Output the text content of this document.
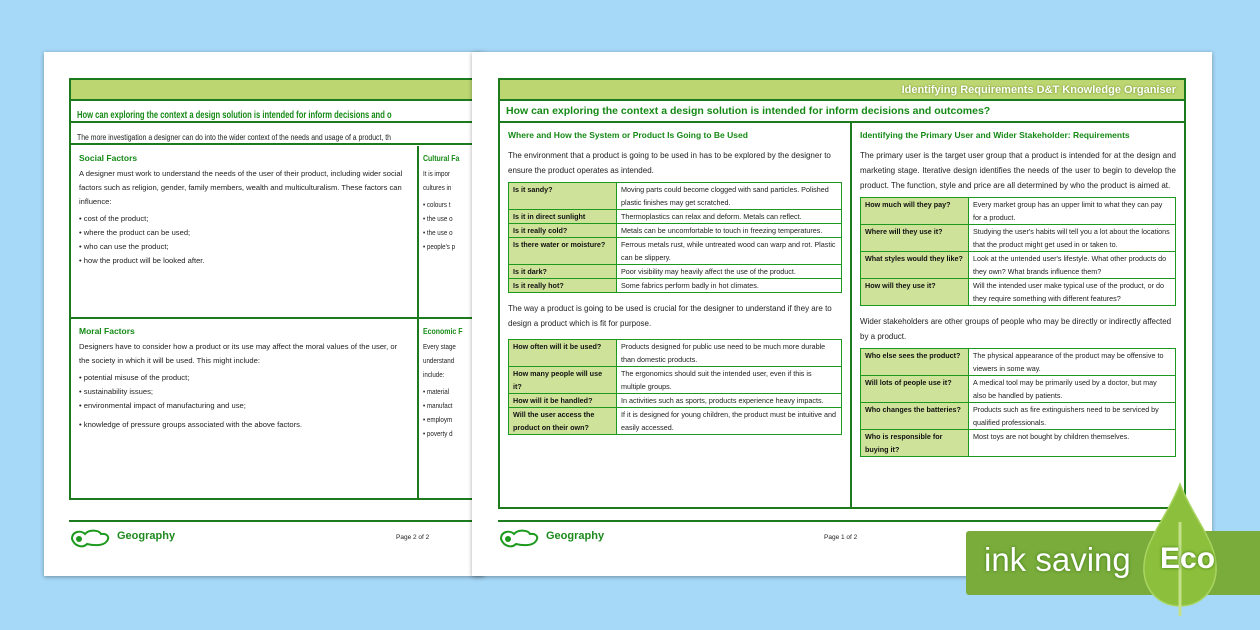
How can exploring the context a design solution is intended for inform decisions and o
The more investigation a designer can do into the wider context of the needs and usage of a product, th
Social Factors

A designer must work to understand the needs of the user of their product, including wider social factors such as religion, gender, family members, wealth and multiculturalism. These factors can influence:

• cost of the product;
• where the product can be used;
• who can use the product;
• how the product will be looked after.
Cultural Fa

It is impor

cultures in

• colours t
• the use o
• the use o
• people's p
Moral Factors

Designers have to consider how a product or its use may affect the moral values of the user, or the society in which it will be used. This might include:

• potential misuse of the product;
• sustainability issues;
• environmental impact of manufacturing and use;
• knowledge of pressure groups associated with the above factors.
Economic F

Every stage

understand

include:

• material
• manufact
• employm
• poverty d
Geography	Page 2 of 2
Identifying Requirements D&T Knowledge Organiser
How can exploring the context a design solution is intended for inform decisions and outcomes?
Where and How the System or Product Is Going to Be Used

The environment that a product is going to be used in has to be explored by the designer to ensure the product operates as intended.

Is it sandy?	Moving parts could become clogged with sand particles. Polished plastic finishes may get scratched.
Is it in direct sunlight	Thermoplastics can relax and deform. Metals can reflect.
Is it really cold?	Metals can be uncomfortable to touch in freezing temperatures.
Is there water or moisture?	Ferrous metals rust, while untreated wood can warp and rot. Plastic can be slippery.
Is it dark?	Poor visibility may heavily affect the use of the product.
Is it really hot?	Some fabrics perform badly in hot climates.

The way a product is going to be used is crucial for the designer to understand if they are to design a product which is fit for purpose.

How often will it be used?	Products designed for public use need to be much more durable than domestic products.
How many people will use it?	The ergonomics should suit the intended user, even if this is multiple groups.
How will it be handled?	In activities such as sports, products experience heavy impacts.
Will the user access the product on their own?	If it is designed for young children, the product must be intuitive and easily accessed.
Identifying the Primary User and Wider Stakeholder: Requirements

The primary user is the target user group that a product is intended for at the design and marketing stage. Iterative design identifies the needs of the user to begin to develop the product. The function, style and price are all determined by who the product is aimed at.

How much will they pay?	Every market group has an upper limit to what they can pay for a product.
Where will they use it?	Studying the user's habits will tell you a lot about the locations that the product might get used in or taken to.
What styles would they like?	Look at the untended user's lifestyle. What other products do they own? What brands influence them?
How will they use it?	Will the intended user make typical use of the product, or do they require something with different features?

Wider stakeholders are other groups of people who may be directly or indirectly affected by a product.

Who else sees the product?	The physical appearance of the product may be offensive to viewers in some way.
Will lots of people use it?	A medical tool may be primarily used by a doctor, but may also be handled by patients.
Who changes the batteries?	Products such as fire extinguishers need to be serviced by qualified professionals.
Who is responsible for buying it?	Most toys are not bought by children themselves.
Geography	Page 1 of 2
ink saving Eco
